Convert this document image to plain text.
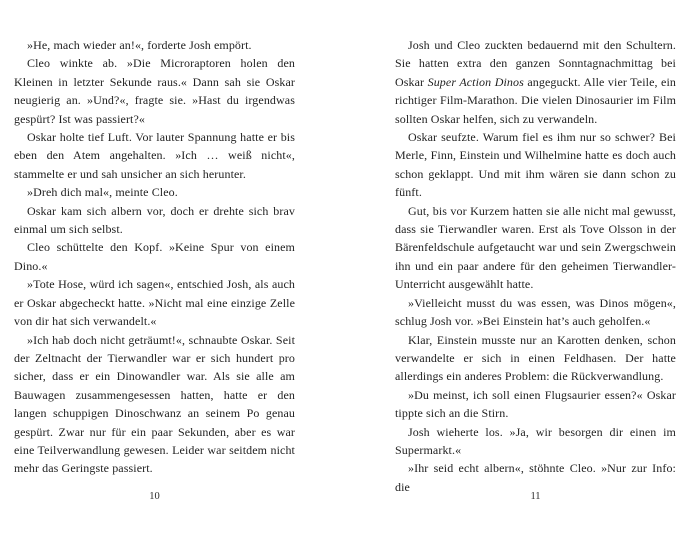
»He, mach wieder an!«, forderte Josh empört.

Cleo winkte ab. »Die Microraptoren holen den Kleinen in letzter Sekunde raus.« Dann sah sie Oskar neugierig an. »Und?«, fragte sie. »Hast du irgendwas gespürt? Ist was passiert?«

Oskar holte tief Luft. Vor lauter Spannung hatte er bis eben den Atem angehalten. »Ich … weiß nicht«, stammelte er und sah unsicher an sich herunter.

»Dreh dich mal«, meinte Cleo.

Oskar kam sich albern vor, doch er drehte sich brav einmal um sich selbst.

Cleo schüttelte den Kopf. »Keine Spur von einem Dino.«

»Tote Hose, würd ich sagen«, entschied Josh, als auch er Oskar abgecheckt hatte. »Nicht mal eine einzige Zelle von dir hat sich verwandelt.«

»Ich hab doch nicht geträumt!«, schnaubte Oskar. Seit der Zeltnacht der Tierwandler war er sich hundert pro sicher, dass er ein Dinowandler war. Als sie alle am Bauwagen zusammengesessen hatten, hatte er den langen schuppigen Dinoschwanz an seinem Po genau gespürt. Zwar nur für ein paar Sekunden, aber es war eine Teilverwandlung gewesen. Leider war seitdem nicht mehr das Geringste passiert.

10

Josh und Cleo zuckten bedauernd mit den Schultern. Sie hatten extra den ganzen Sonntagnachmittag bei Oskar Super Action Dinos angeguckt. Alle vier Teile, ein richtiger Film-Marathon. Die vielen Dinosaurier im Film sollten Oskar helfen, sich zu verwandeln.

Oskar seufzte. Warum fiel es ihm nur so schwer? Bei Merle, Finn, Einstein und Wilhelmine hatte es doch auch schon geklappt. Und mit ihm wären sie dann schon zu fünft.

Gut, bis vor Kurzem hatten sie alle nicht mal gewusst, dass sie Tierwandler waren. Erst als Tove Olsson in der Bärenfeldschule aufgetaucht war und sein Zwergschwein ihn und ein paar andere für den geheimen Tierwandler-Unterricht ausgewählt hatte.

»Vielleicht musst du was essen, was Dinos mögen«, schlug Josh vor. »Bei Einstein hat’s auch geholfen.«

Klar, Einstein musste nur an Karotten denken, schon verwandelte er sich in einen Feldhasen. Der hatte allerdings ein anderes Problem: die Rückverwandlung.

»Du meinst, ich soll einen Flugsaurier essen?« Oskar tippte sich an die Stirn.

Josh wieherte los. »Ja, wir besorgen dir einen im Supermarkt.«

»Ihr seid echt albern«, stöhnte Cleo. »Nur zur Info: die

11
